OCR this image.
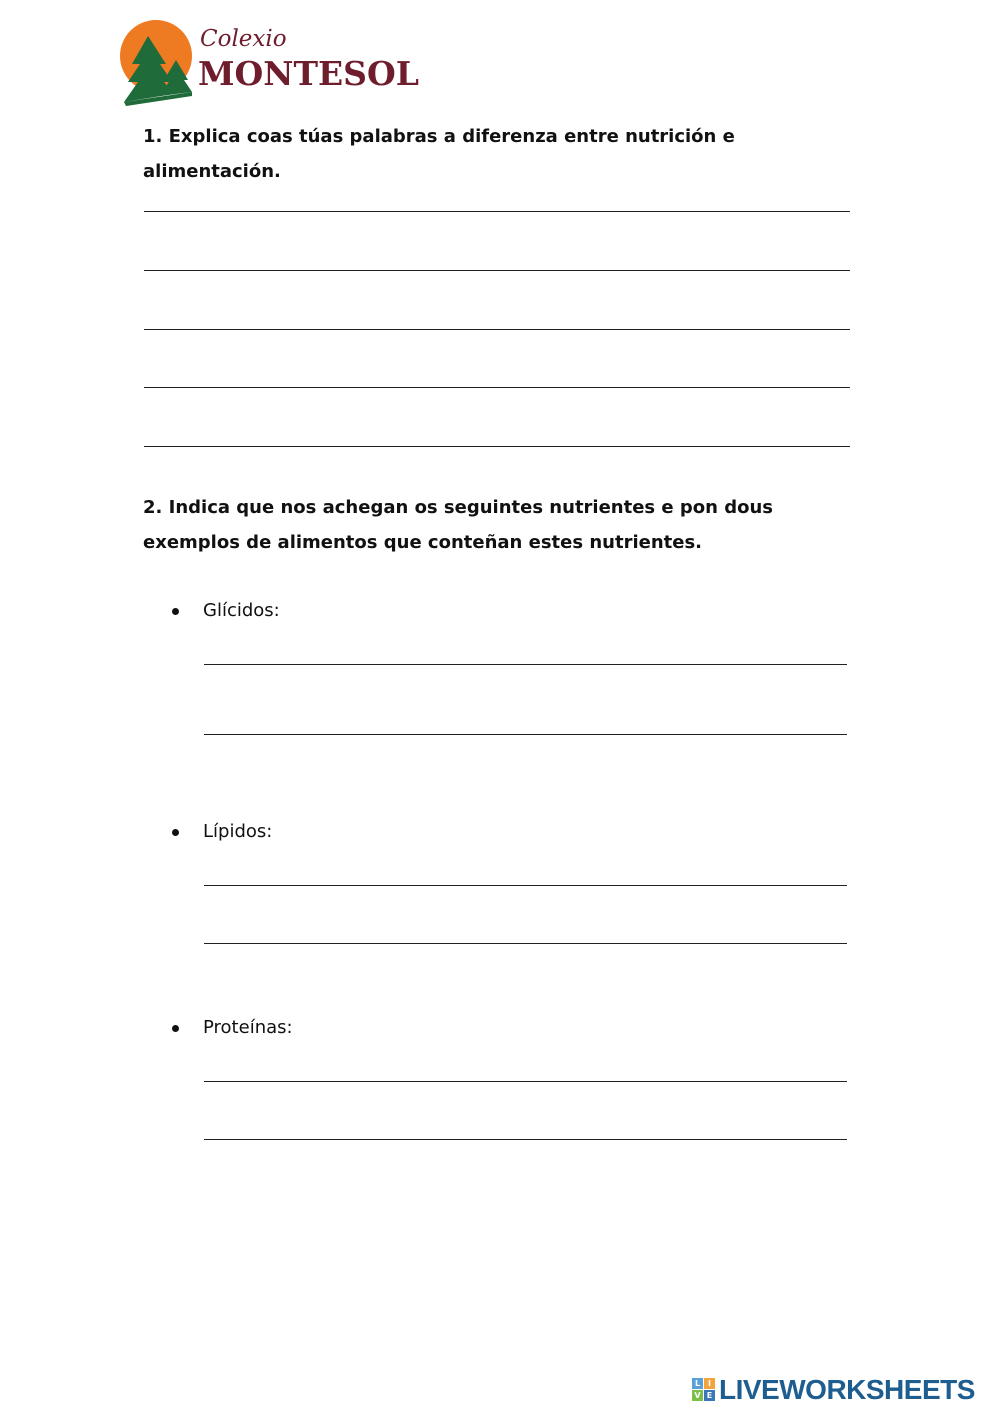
Colexio
MONTESOL
1. Explica coas túas palabras a diferenza entre nutrición e alimentación.
2. Indica que nos achegan os seguintes nutrientes e pon dous exemplos de alimentos que conteñan estes nutrientes.
Glícidos:
Lípidos:
Proteínas:
L I
V E LIVEWORKSHEETS
